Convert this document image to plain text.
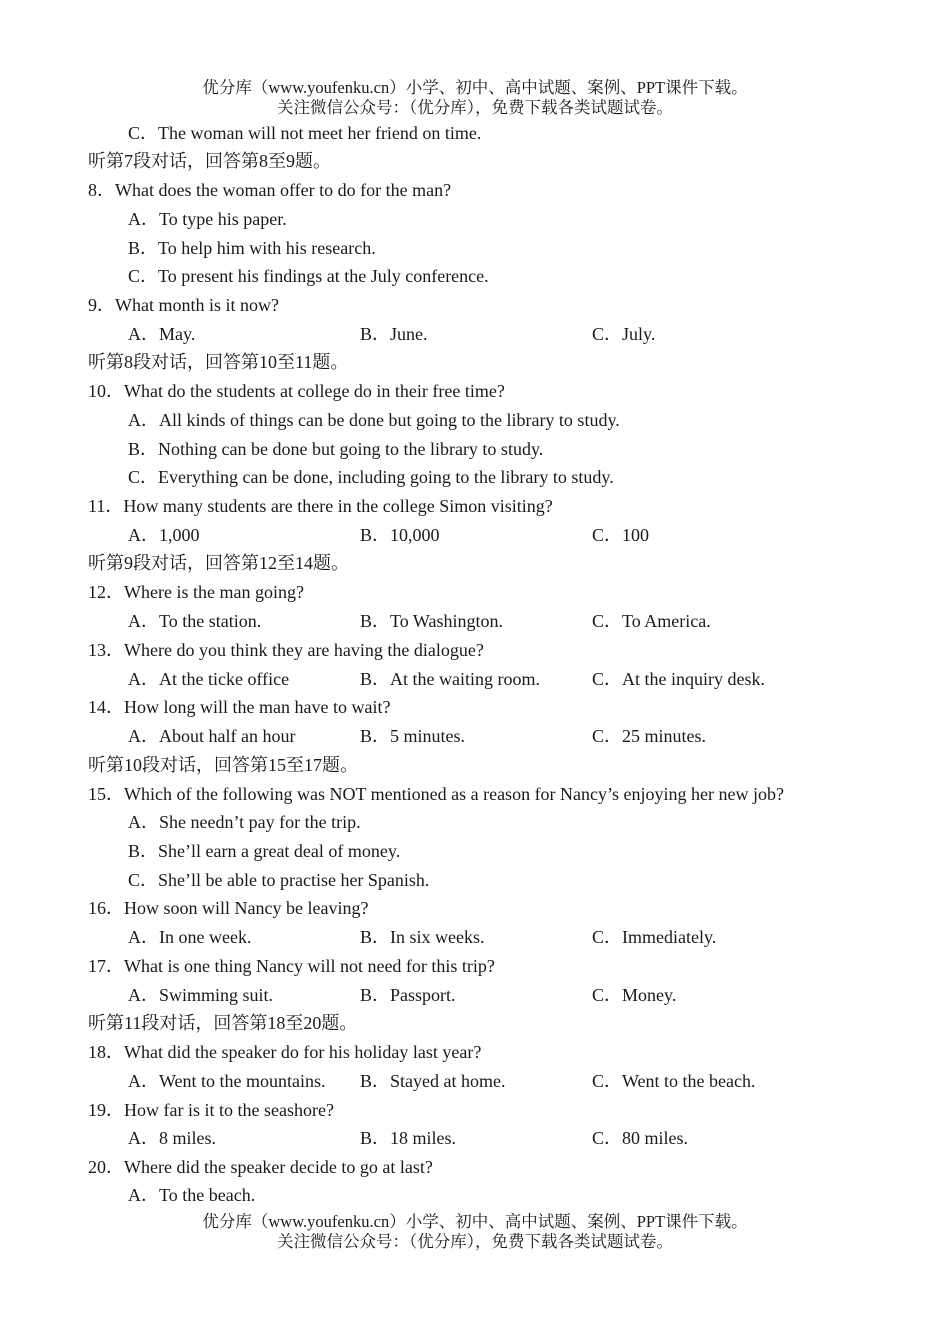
优分库（www.youfenku.cn）小学、初中、高中试题、案例、PPT课件下载。
关注微信公众号：（优分库），免费下载各类试题试卷。
C．The woman will not meet her friend on time.
听第7段对话，回答第8至9题。
8．What does the woman offer to do for the man?
A．To type his paper.
B．To help him with his research.
C．To present his findings at the July conference.
9．What month is it now?
A．May.	B．June.	C．July.
听第8段对话，回答第10至11题。
10．What do the students at college do in their free time?
A．All kinds of things can be done but going to the library to study.
B．Nothing can be done but going to the library to study.
C．Everything can be done, including going to the library to study.
11．How many students are there in the college Simon visiting?
A．1,000	B．10,000	C．100
听第9段对话，回答第12至14题。
12．Where is the man going?
A．To the station.	B．To Washington.	C．To America.
13．Where do you think they are having the dialogue?
A．At the ticke office	B．At the waiting room.	C．At the inquiry desk.
14．How long will the man have to wait?
A．About half an hour	B．5 minutes.	C．25 minutes.
听第10段对话，回答第15至17题。
15．Which of the following was NOT mentioned as a reason for Nancy’s enjoying her new job?
A．She needn’t pay for the trip.
B．She’ll earn a great deal of money.
C．She’ll be able to practise her Spanish.
16．How soon will Nancy be leaving?
A．In one week.	B．In six weeks.	C．Immediately.
17．What is one thing Nancy will not need for this trip?
A．Swimming suit.	B．Passport.	C．Money.
听第11段对话，回答第18至20题。
18．What did the speaker do for his holiday last year?
A．Went to the mountains. B．Stayed at home.	C．Went to the beach.
19．How far is it to the seashore?
A．8 miles.	B．18 miles.	C．80 miles.
20．Where did the speaker decide to go at last?
A．To the beach.
优分库（www.youfenku.cn）小学、初中、高中试题、案例、PPT课件下载。
关注微信公众号：（优分库），免费下载各类试题试卷。
